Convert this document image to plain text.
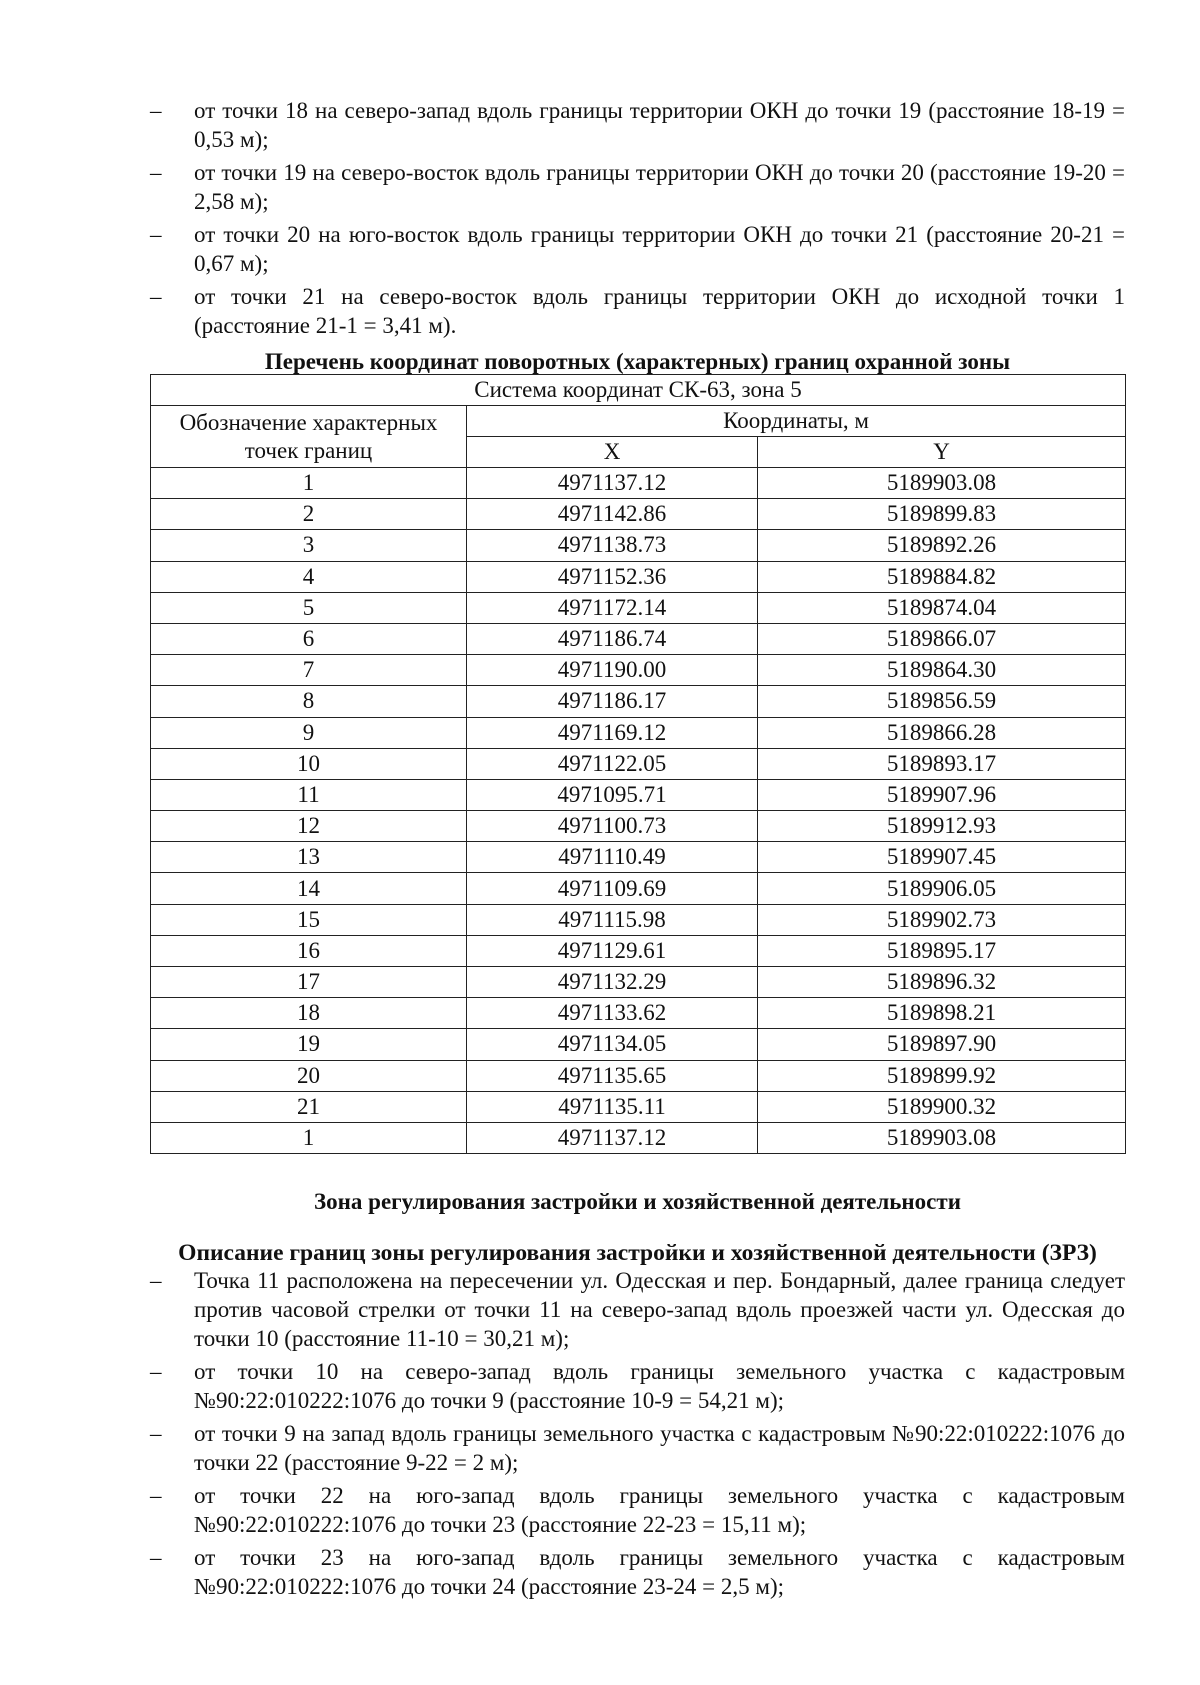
– от точки 18 на северо-запад вдоль границы территории ОКН до точки 19 (расстояние 18-19 = 0,53 м);
– от точки 19 на северо-восток вдоль границы территории ОКН до точки 20 (расстояние 19-20 = 2,58 м);
– от точки 20 на юго-восток вдоль границы территории ОКН до точки 21 (расстояние 20-21 = 0,67 м);
– от точки 21 на северо-восток вдоль границы территории ОКН до исходной точки 1 (расстояние 21-1 = 3,41 м).
Перечень координат поворотных (характерных) границ охранной зоны
Система координат СК-63, зона 5		
Обозначение характерных точек границ	Координаты, м	
	X	Y
1	4971137.12	5189903.08
2	4971142.86	5189899.83
3	4971138.73	5189892.26
4	4971152.36	5189884.82
5	4971172.14	5189874.04
6	4971186.74	5189866.07
7	4971190.00	5189864.30
8	4971186.17	5189856.59
9	4971169.12	5189866.28
10	4971122.05	5189893.17
11	4971095.71	5189907.96
12	4971100.73	5189912.93
13	4971110.49	5189907.45
14	4971109.69	5189906.05
15	4971115.98	5189902.73
16	4971129.61	5189895.17
17	4971132.29	5189896.32
18	4971133.62	5189898.21
19	4971134.05	5189897.90
20	4971135.65	5189899.92
21	4971135.11	5189900.32
1	4971137.12	5189903.08
Зона регулирования застройки и хозяйственной деятельности
Описание границ зоны регулирования застройки и хозяйственной деятельности (ЗРЗ)
– Точка 11 расположена на пересечении ул. Одесская и пер. Бондарный, далее граница следует против часовой стрелки от точки 11 на северо-запад вдоль проезжей части ул. Одесская до точки 10 (расстояние 11-10 = 30,21 м);
– от точки 10 на северо-запад вдоль границы земельного участка с кадастровым №90:22:010222:1076 до точки 9 (расстояние 10-9 = 54,21 м);
– от точки 9 на запад вдоль границы земельного участка с кадастровым №90:22:010222:1076 до точки 22 (расстояние 9-22 = 2 м);
– от точки 22 на юго-запад вдоль границы земельного участка с кадастровым №90:22:010222:1076 до точки 23 (расстояние 22-23 = 15,11 м);
– от точки 23 на юго-запад вдоль границы земельного участка с кадастровым №90:22:010222:1076 до точки 24 (расстояние 23-24 = 2,5 м);
